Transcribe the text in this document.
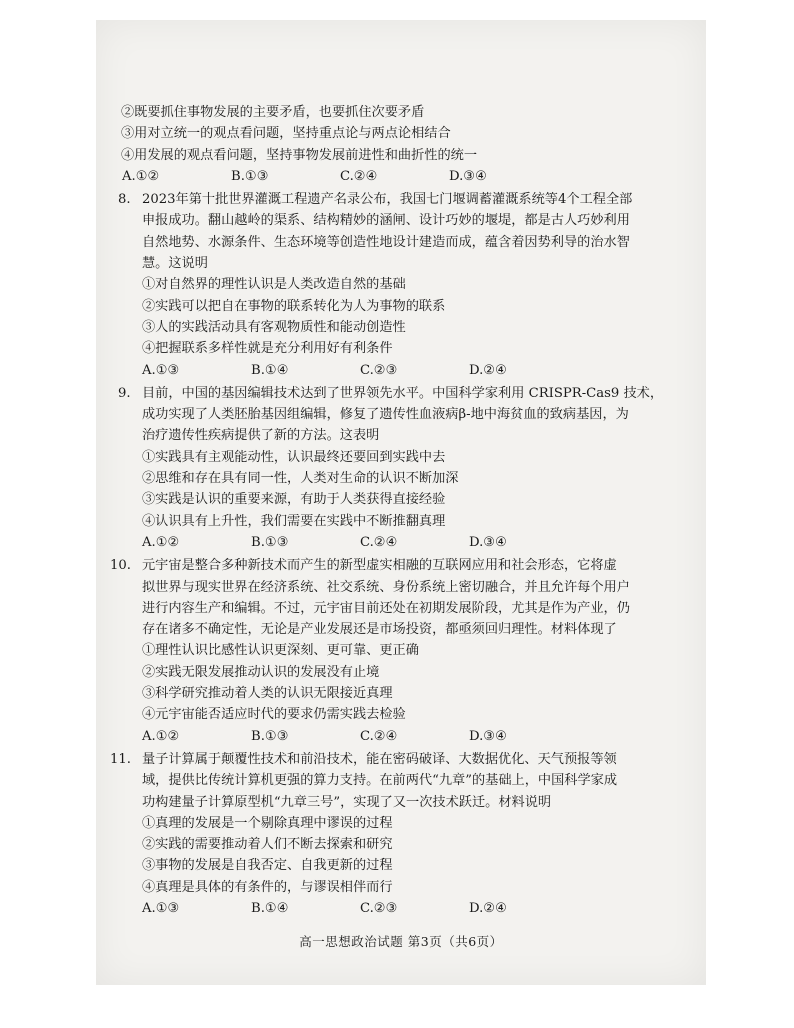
②既要抓住事物发展的主要矛盾，也要抓住次要矛盾
③用对立统一的观点看问题，坚持重点论与两点论相结合
④用发展的观点看问题，坚持事物发展前进性和曲折性的统一
A.①②	B.①③	C.②④	D.③④
8. 2023年第十批世界灌溉工程遗产名录公布，我国七门堰调蓄灌溉系统等4个工程全部
申报成功。翻山越岭的渠系、结构精妙的涵闸、设计巧妙的堰堤，都是古人巧妙利用
自然地势、水源条件、生态环境等创造性地设计建造而成，蕴含着因势利导的治水智
慧。这说明
①对自然界的理性认识是人类改造自然的基础
②实践可以把自在事物的联系转化为人为事物的联系
③人的实践活动具有客观物质性和能动创造性
④把握联系多样性就是充分利用好有利条件
A.①③	B.①④	C.②③	D.②④
9. 目前，中国的基因编辑技术达到了世界领先水平。中国科学家利用 CRISPR-Cas9 技术，
成功实现了人类胚胎基因组编辑，修复了遗传性血液病β-地中海贫血的致病基因，为
治疗遗传性疾病提供了新的方法。这表明
①实践具有主观能动性，认识最终还要回到实践中去
②思维和存在具有同一性，人类对生命的认识不断加深
③实践是认识的重要来源，有助于人类获得直接经验
④认识具有上升性，我们需要在实践中不断推翻真理
A.①②	B.①③	C.②④	D.③④
10. 元宇宙是整合多种新技术而产生的新型虚实相融的互联网应用和社会形态，它将虚
拟世界与现实世界在经济系统、社交系统、身份系统上密切融合，并且允许每个用户
进行内容生产和编辑。不过，元宇宙目前还处在初期发展阶段，尤其是作为产业，仍
存在诸多不确定性，无论是产业发展还是市场投资，都亟须回归理性。材料体现了
①理性认识比感性认识更深刻、更可靠、更正确
②实践无限发展推动认识的发展没有止境
③科学研究推动着人类的认识无限接近真理
④元宇宙能否适应时代的要求仍需实践去检验
A.①②	B.①③	C.②④	D.③④
11. 量子计算属于颠覆性技术和前沿技术，能在密码破译、大数据优化、天气预报等领
域，提供比传统计算机更强的算力支持。在前两代“九章”的基础上，中国科学家成
功构建量子计算原型机“九章三号”，实现了又一次技术跃迁。材料说明
①真理的发展是一个剔除真理中谬误的过程
②实践的需要推动着人们不断去探索和研究
③事物的发展是自我否定、自我更新的过程
④真理是具体的有条件的，与谬误相伴而行
A.①③	B.①④	C.②③	D.②④
高一思想政治试题 第3页（共6页）
